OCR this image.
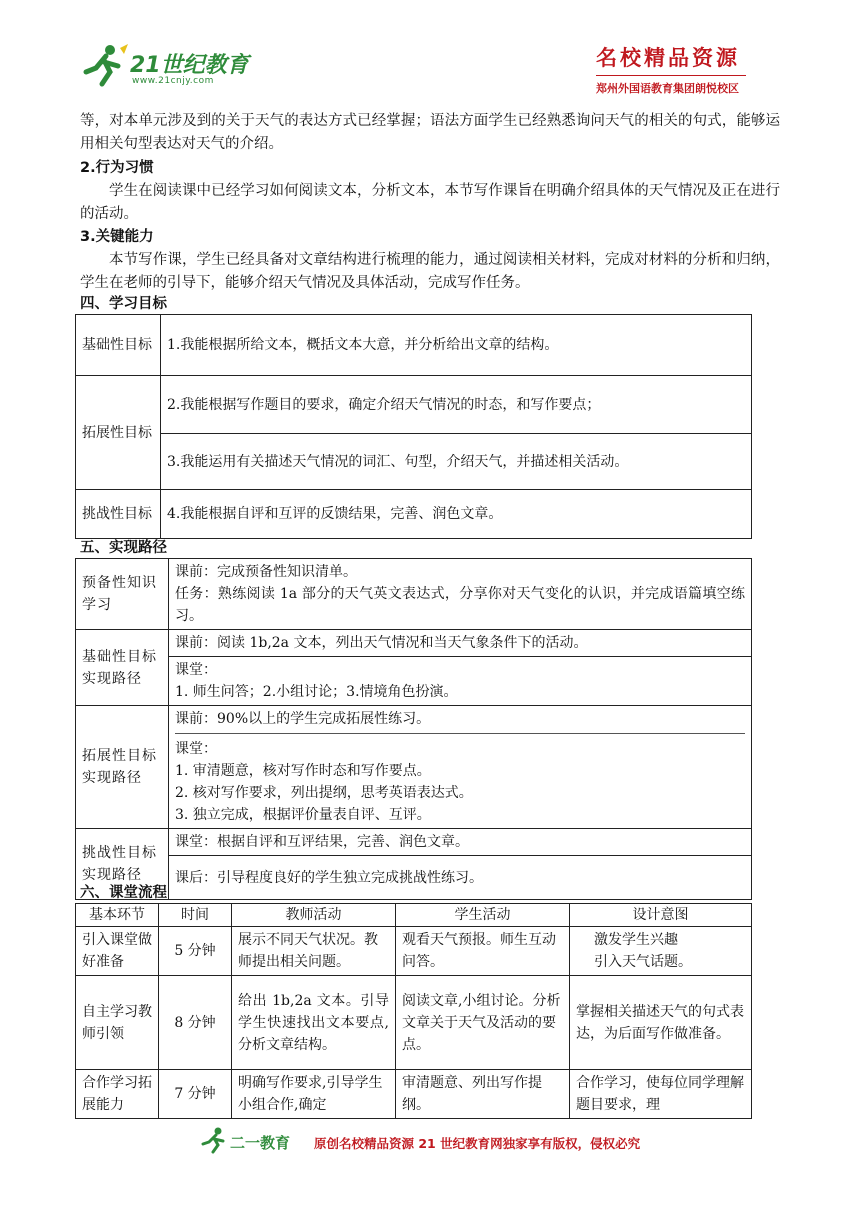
21世纪教育
www.21cnjy.com
名校精品资源
郑州外国语教育集团朗悦校区
等，对本单元涉及到的关于天气的表达方式已经掌握；语法方面学生已经熟悉询问天气的相关的句式，能够运用相关句型表达对天气的介绍。
2.行为习惯
学生在阅读课中已经学习如何阅读文本，分析文本，本节写作课旨在明确介绍具体的天气情况及正在进行的活动。
3.关键能力
本节写作课，学生已经具备对文章结构进行梳理的能力，通过阅读相关材料，完成对材料的分析和归纳，学生在老师的引导下，能够介绍天气情况及具体活动，完成写作任务。
四、学习目标
基础性目标	1.我能根据所给文本，概括文本大意，并分析给出文章的结构。
拓展性目标	2.我能根据写作题目的要求，确定介绍天气情况的时态，和写作要点；
	3.我能运用有关描述天气情况的词汇、句型，介绍天气，并描述相关活动。
挑战性目标	4.我能根据自评和互评的反馈结果，完善、润色文章。
五、实现路径
预备性知识学习	课前：完成预备性知识清单。
任务：熟练阅读 1a 部分的天气英文表达式，分享你对天气变化的认识，并完成语篇填空练习。

基础性目标实现路径	课前：阅读 1b,2a 文本，列出天气情况和当天气象条件下的活动。

	课堂：
1. 师生问答；2.小组讨论；3.情境角色扮演。

拓展性目标实现路径	课前：90%以上的学生完成拓展性练习。
课堂：
1. 审清题意，核对写作时态和写作要点。
2. 核对写作要求，列出提纲，思考英语表达式。
3. 独立完成，根据评价量表自评、互评。

挑战性目标实现路径	课堂：根据自评和互评结果，完善、润色文章。
	课后：引导程度良好的学生独立完成挑战性练习。
六、课堂流程
基本环节	时间	教师活动	学生活动	设计意图
引入课堂做好准备	5 分钟	展示不同天气状况。教师提出相关问题。	观看天气预报。师生互动问答。	激发学生兴趣
引入天气话题。

自主学习教师引领	8 分钟	给出 1b,2a 文本。引导学生快速找出文本要点,分析文章结构。	阅读文章,小组讨论。分析文章关于天气及活动的要点。	掌握相关描述天气的句式表达，为后面写作做准备。
合作学习拓展能力	7 分钟	明确写作要求,引导学生小组合作,确定	审清题意、列出写作提纲。	合作学习，使每位同学理解题目要求，理
二一教育 原创名校精品资源 21 世纪教育网独家享有版权，侵权必究
